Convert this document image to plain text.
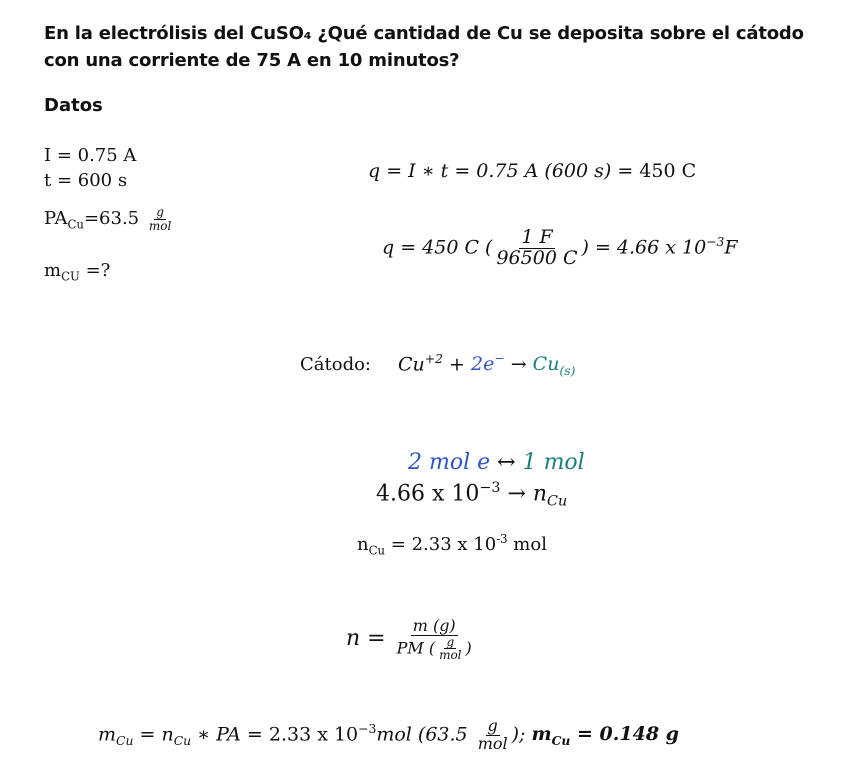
En la electrólisis del CuSO₄ ¿Qué cantidad de Cu se deposita sobre el cátodo con una corriente de 75 A en 10 minutos?
Datos
I = 0.75 A
t = 600 s
$PA_{Cu}=63.5 \frac{g}{\text{mol}}$
$m_{CU}$ =?
q = I ∗ t = 0.75 A (600 s) = 450 C
q = 450 C ( $\frac{1 F}{96500 C}$ ) = 4.66 x $10^{-3}F$
Cátodo: $Cu^{+2} + 2e^- \to Cu_{(s)}$
2 mol e ↔ 1 mol
4.66 x $10^{-3} \to n_{Cu}$
$n_{Cu} = 2.33$ x $10^{-3}$ mol
$n = \frac{m (g)}{PM ( \frac{g}{\text{mol}} )}$
$m_{Cu} = n_{Cu}$ ∗ PA = 2.33 x $10^{-3}mol$ ($63.5 \frac{g}{\text{mol}}$ ); $m_{Cu} = 0.148$ g
